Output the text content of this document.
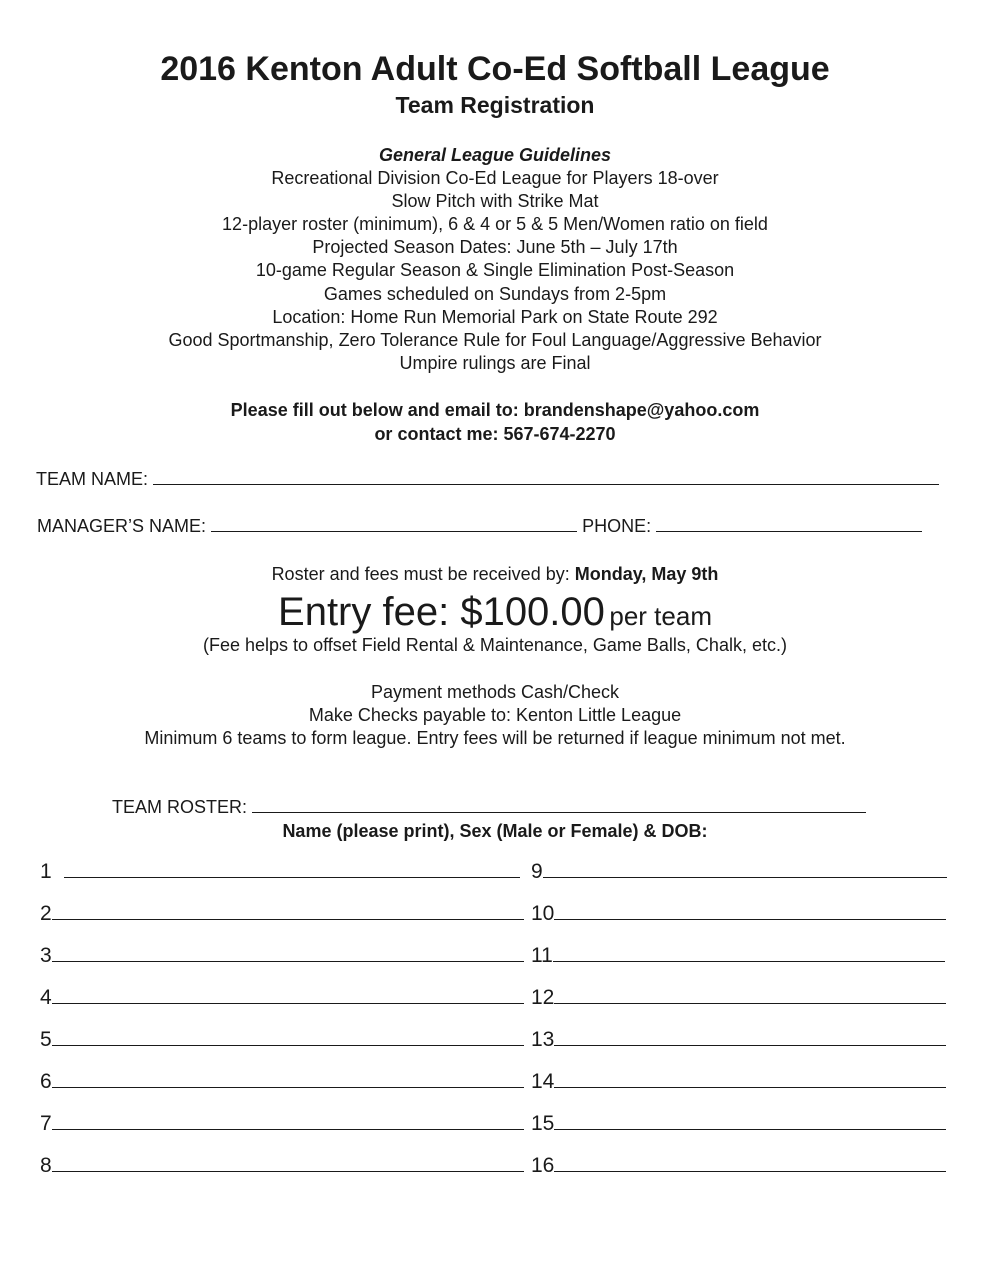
2016 Kenton Adult Co-Ed Softball League
Team Registration
General League Guidelines
Recreational Division Co-Ed League for Players 18-over
Slow Pitch with Strike Mat
12-player roster (minimum), 6 & 4 or 5 & 5 Men/Women ratio on field
Projected Season Dates: June 5th – July 17th
10-game Regular Season & Single Elimination Post-Season
Games scheduled on Sundays from 2-5pm
Location: Home Run Memorial Park on State Route 292
Good Sportmanship, Zero Tolerance Rule for Foul Language/Aggressive Behavior
Umpire rulings are Final
Please fill out below and email to: brandenshape@yahoo.com
or contact me: 567-674-2270
TEAM NAME:
MANAGER’S NAME:	PHONE:
Roster and fees must be received by: Monday, May 9th
Entry fee: $100.00 per team
(Fee helps to offset Field Rental & Maintenance, Game Balls, Chalk, etc.)
Payment methods Cash/Check
Make Checks payable to: Kenton Little League
Minimum 6 teams to form league. Entry fees will be returned if league minimum not met.
TEAM ROSTER:
Name (please print), Sex (Male or Female) & DOB:
1
2
3
4
5
6
7
8
9
10
11
12
13
14
15
16
